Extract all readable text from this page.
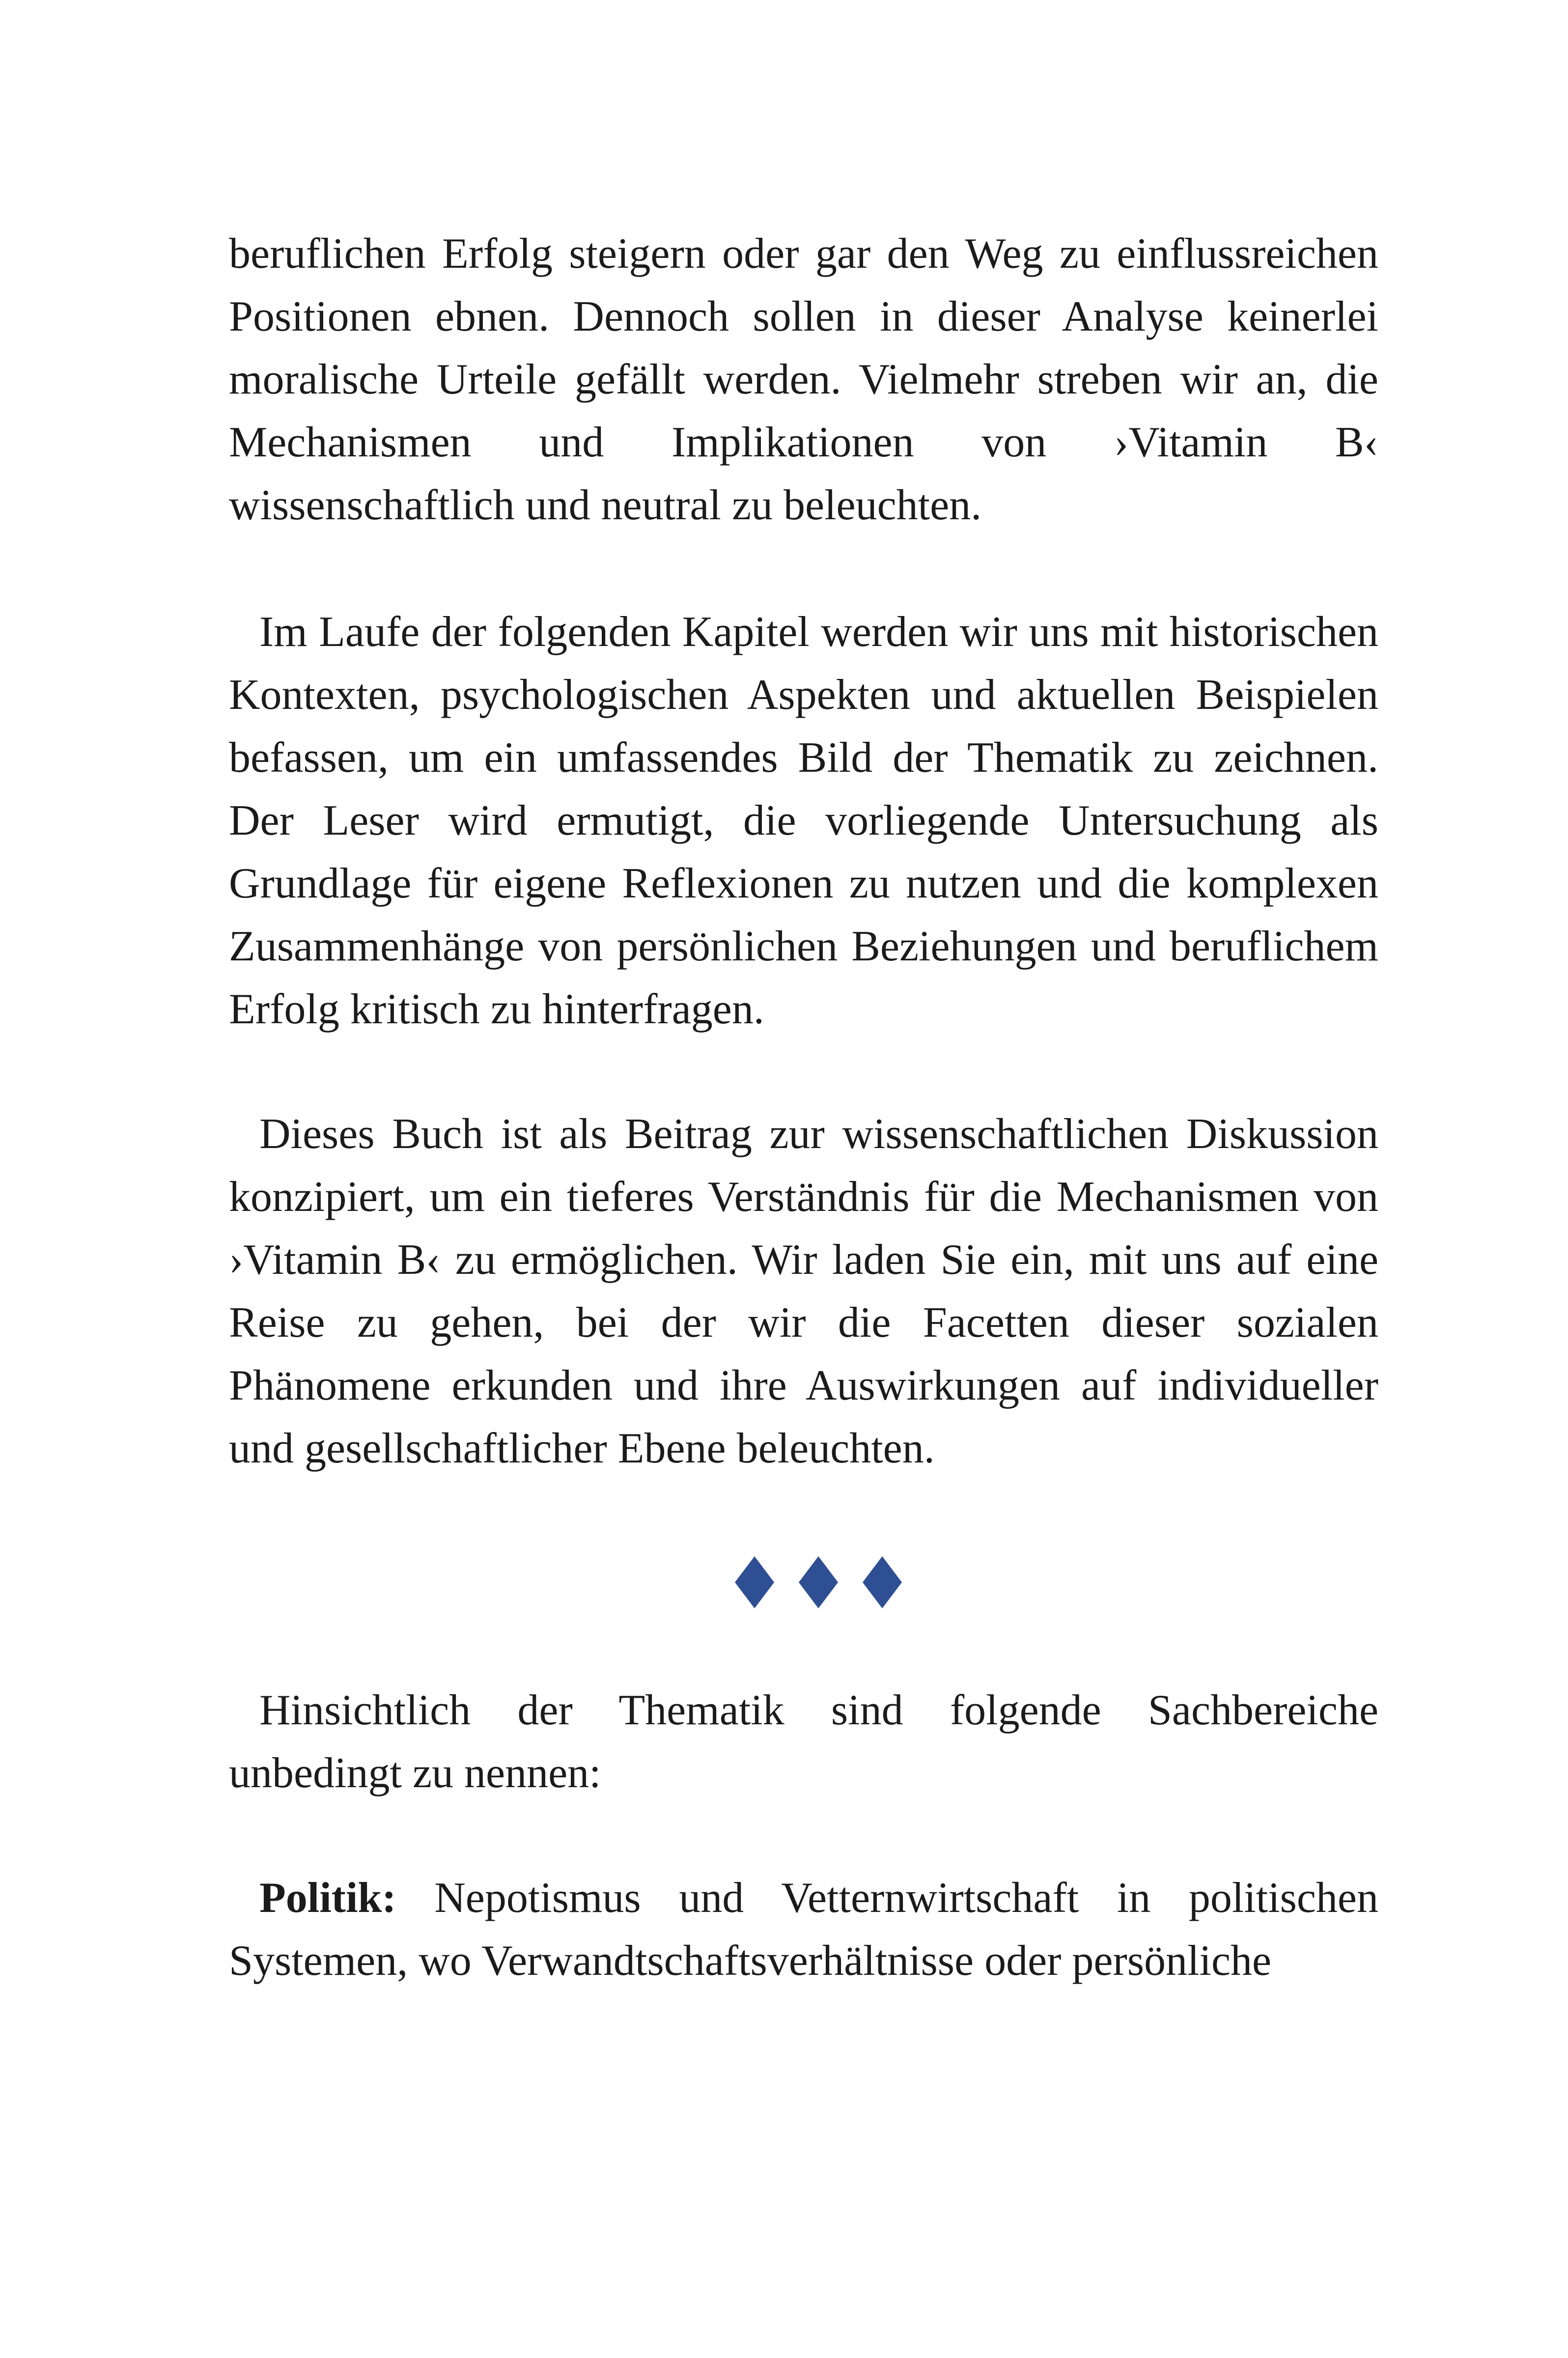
beruflichen Erfolg steigern oder gar den Weg zu einflussreichen Positionen ebnen. Dennoch sollen in dieser Analyse keinerlei moralische Urteile gefällt werden. Vielmehr streben wir an, die Mechanismen und Implikationen von ›Vitamin B‹ wissenschaftlich und neutral zu beleuchten.

Im Laufe der folgenden Kapitel werden wir uns mit historischen Kontexten, psychologischen Aspekten und aktuellen Beispielen befassen, um ein umfassendes Bild der Thematik zu zeichnen. Der Leser wird ermutigt, die vorliegende Untersuchung als Grundlage für eigene Reflexionen zu nutzen und die komplexen Zusammenhänge von persönlichen Beziehungen und beruflichem Erfolg kritisch zu hinterfragen.

Dieses Buch ist als Beitrag zur wissenschaftlichen Diskussion konzipiert, um ein tieferes Verständnis für die Mechanismen von ›Vitamin B‹ zu ermöglichen. Wir laden Sie ein, mit uns auf eine Reise zu gehen, bei der wir die Facetten dieser sozialen Phänomene erkunden und ihre Auswirkungen auf individueller und gesellschaftlicher Ebene beleuchten.

Hinsichtlich der Thematik sind folgende Sachbereiche unbedingt zu nennen:

Politik: Nepotismus und Vetternwirtschaft in politischen Systemen, wo Verwandtschaftsverhältnisse oder persönliche
